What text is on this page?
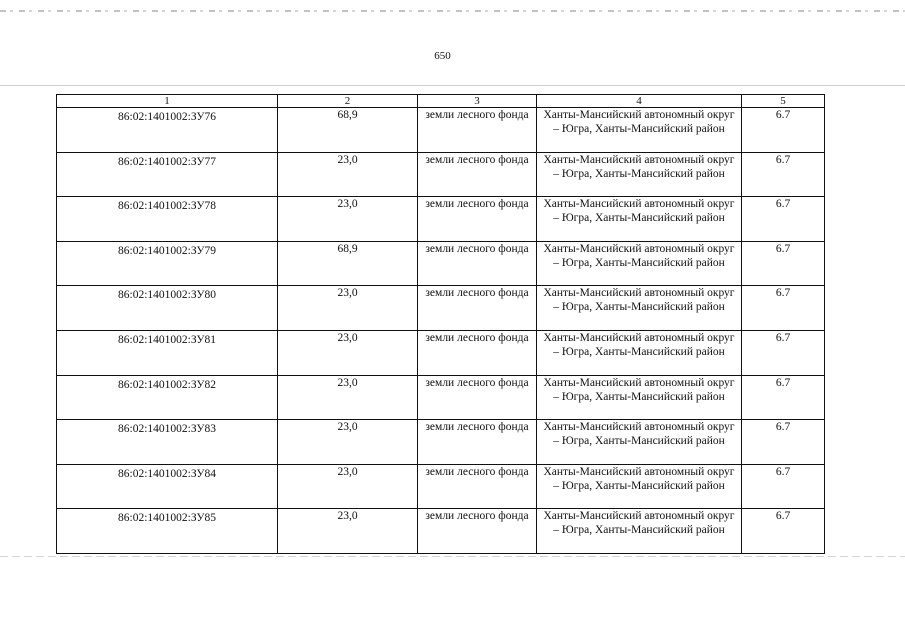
650
1	2	3	4	5
86:02:1401002:ЗУ76	68,9	земли лесного фонда	Ханты-Мансийский автономный округ – Югра, Ханты-Мансийский район	6.7
86:02:1401002:ЗУ77	23,0	земли лесного фонда	Ханты-Мансийский автономный округ – Югра, Ханты-Мансийский район	6.7
86:02:1401002:ЗУ78	23,0	земли лесного фонда	Ханты-Мансийский автономный округ – Югра, Ханты-Мансийский район	6.7
86:02:1401002:ЗУ79	68,9	земли лесного фонда	Ханты-Мансийский автономный округ – Югра, Ханты-Мансийский район	6.7
86:02:1401002:ЗУ80	23,0	земли лесного фонда	Ханты-Мансийский автономный округ – Югра, Ханты-Мансийский район	6.7
86:02:1401002:ЗУ81	23,0	земли лесного фонда	Ханты-Мансийский автономный округ – Югра, Ханты-Мансийский район	6.7
86:02:1401002:ЗУ82	23,0	земли лесного фонда	Ханты-Мансийский автономный округ – Югра, Ханты-Мансийский район	6.7
86:02:1401002:ЗУ83	23,0	земли лесного фонда	Ханты-Мансийский автономный округ – Югра, Ханты-Мансийский район	6.7
86:02:1401002:ЗУ84	23,0	земли лесного фонда	Ханты-Мансийский автономный округ – Югра, Ханты-Мансийский район	6.7
86:02:1401002:ЗУ85	23,0	земли лесного фонда	Ханты-Мансийский автономный округ – Югра, Ханты-Мансийский район	6.7
